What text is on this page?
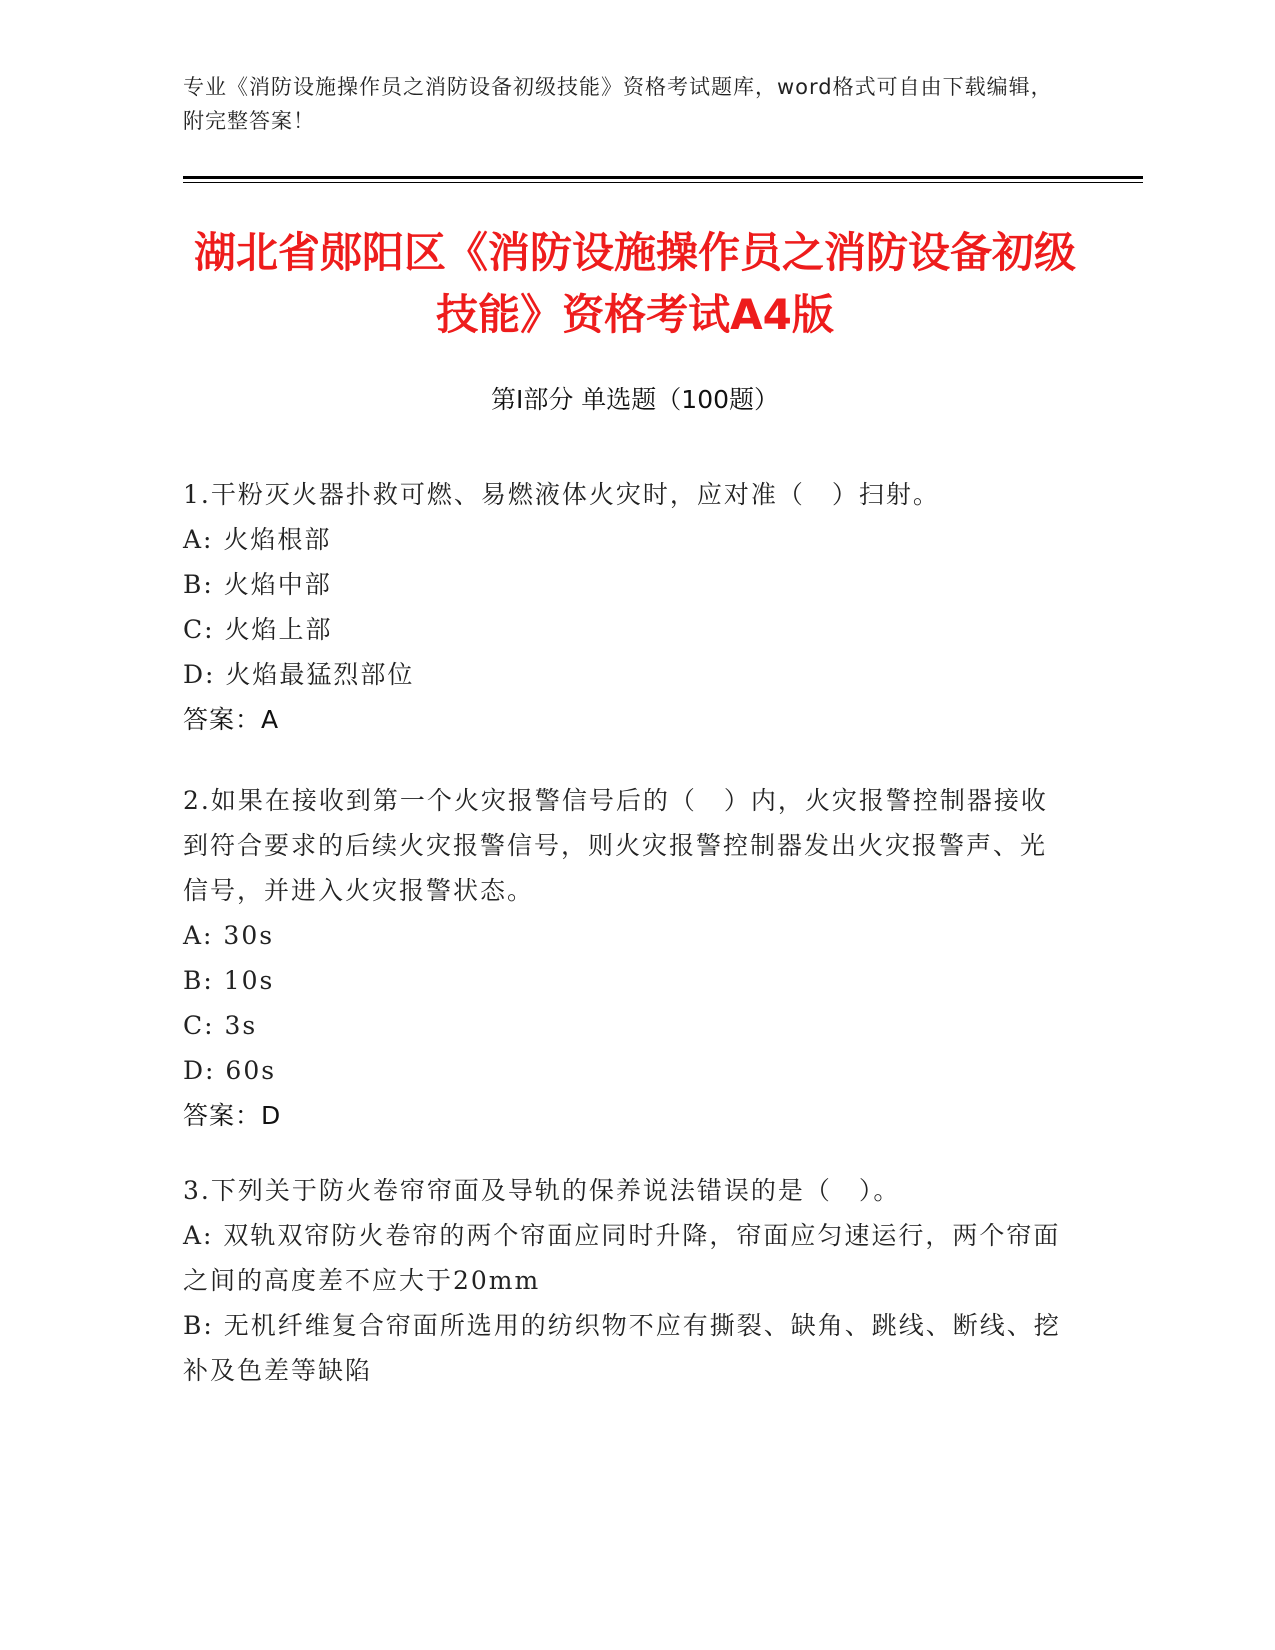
专业《消防设施操作员之消防设备初级技能》资格考试题库，word格式可自由下载编辑，附完整答案！
湖北省郧阳区《消防设施操作员之消防设备初级技能》资格考试A4版
第I部分 单选题（100题）
1.干粉灭火器扑救可燃、易燃液体火灾时，应对准（　）扫射。
A: 火焰根部
B: 火焰中部
C: 火焰上部
D: 火焰最猛烈部位
答案：A
2.如果在接收到第一个火灾报警信号后的（　）内，火灾报警控制器接收到符合要求的后续火灾报警信号，则火灾报警控制器发出火灾报警声、光信号，并进入火灾报警状态。
A: 30s
B: 10s
C: 3s
D: 60s
答案：D
3.下列关于防火卷帘帘面及导轨的保养说法错误的是（　）。
A: 双轨双帘防火卷帘的两个帘面应同时升降，帘面应匀速运行，两个帘面之间的高度差不应大于20mm
B: 无机纤维复合帘面所选用的纺织物不应有撕裂、缺角、跳线、断线、挖补及色差等缺陷
